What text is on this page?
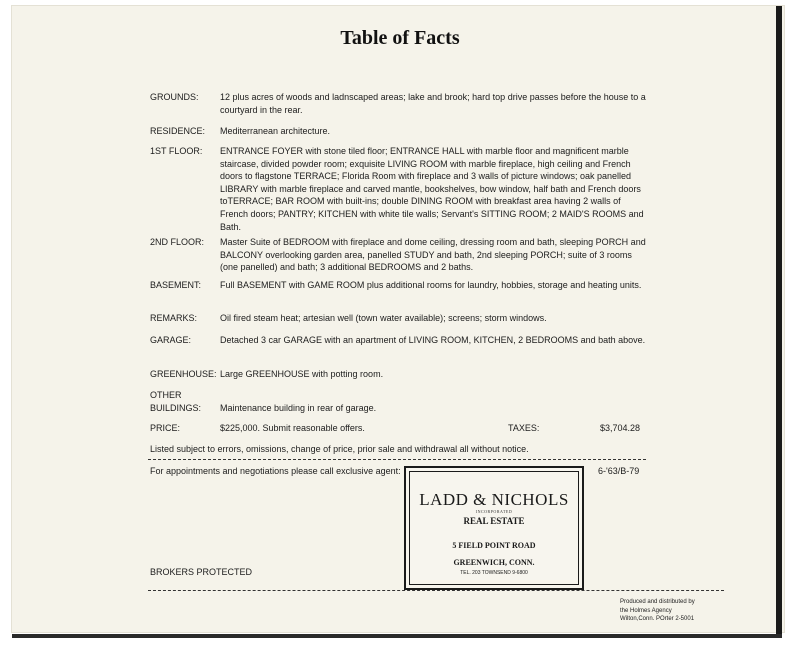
Table of Facts
GROUNDS:	12 plus acres of woods and ladnscaped areas; lake and brook; hard top drive passes before the house to a courtyard in the rear.
RESIDENCE:	Mediterranean architecture.
1ST FLOOR:	ENTRANCE FOYER with stone tiled floor; ENTRANCE HALL with marble floor and magnificent marble staircase, divided powder room; exquisite LIVING ROOM with marble fireplace, high ceiling and French doors to flagstone TERRACE; Florida Room with fireplace and 3 walls of picture windows; oak panelled LIBRARY with marble fireplace and carved mantle, bookshelves, bow window, half bath and French doors toTERRACE; BAR ROOM with built-ins; double DINING ROOM with breakfast area having 2 walls of French doors; PANTRY; KITCHEN with white tile walls; Servant's SITTING ROOM; 2 MAID'S ROOMS and Bath.
2ND FLOOR:	Master Suite of BEDROOM with fireplace and dome ceiling, dressing room and bath, sleeping PORCH and BALCONY overlooking garden area, panelled STUDY and bath, 2nd sleeping PORCH; suite of 3 rooms (one panelled) and bath; 3 additional BEDROOMS and 2 baths.
BASEMENT:	Full BASEMENT with GAME ROOM plus additional rooms for laundry, hobbies, storage and heating units.
REMARKS:	Oil fired steam heat; artesian well (town water available); screens; storm windows.
GARAGE:	Detached 3 car GARAGE with an apartment of LIVING ROOM, KITCHEN, 2 BEDROOMS and bath above.
GREENHOUSE: Large GREENHOUSE with potting room.
OTHER
BUILDINGS:	Maintenance building in rear of garage.
PRICE:	$225,000. Submit reasonable offers.	TAXES:	$3,704.28
Listed subject to errors, omissions, change of price, prior sale and withdrawal all without notice.
For appointments and negotiations please call exclusive agent:	6-'63/B-79
LADD & NICHOLS
INCORPORATED
REAL ESTATE
5 FIELD POINT ROAD
GREENWICH, CONN.
TEL. 203 TOWNSEND 9-6800
BROKERS PROTECTED
Produced and distributed by
the Holmes Agency
Wilton,Conn. POrter 2-5001
